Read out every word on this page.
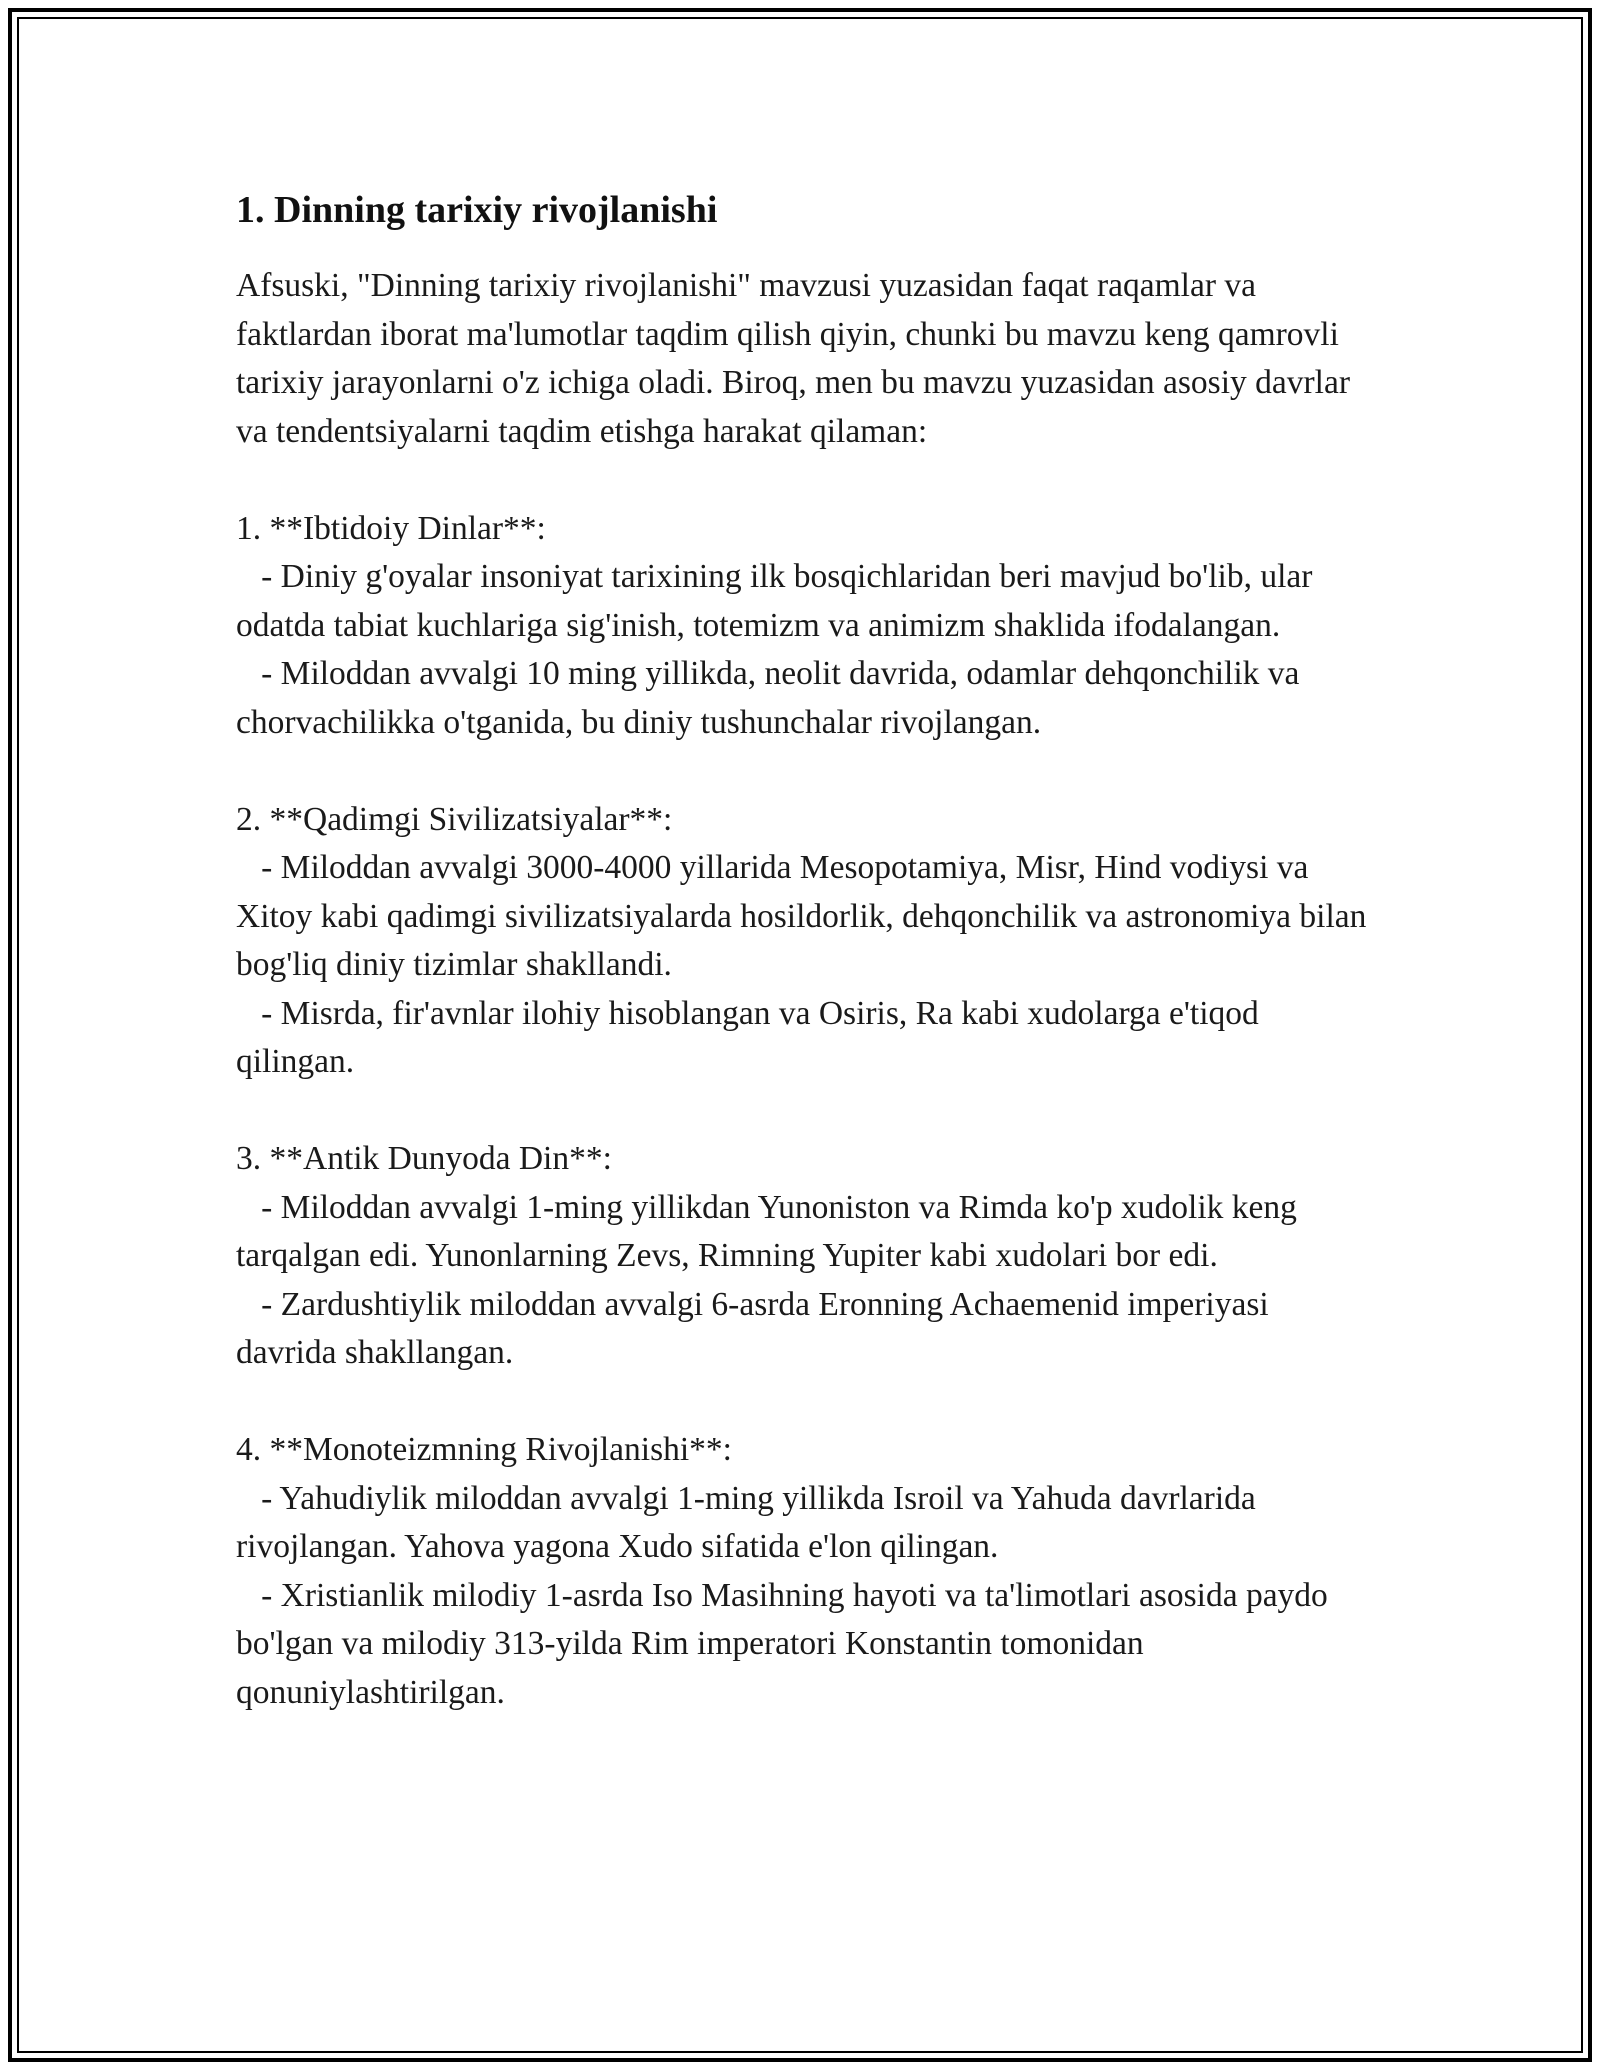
1. Dinning tarixiy rivojlanishi

Afsuski, "Dinning tarixiy rivojlanishi" mavzusi yuzasidan faqat raqamlar va faktlardan iborat ma'lumotlar taqdim qilish qiyin, chunki bu mavzu keng qamrovli tarixiy jarayonlarni o'z ichiga oladi. Biroq, men bu mavzu yuzasidan asosiy davrlar va tendentsiyalarni taqdim etishga harakat qilaman:

1. **Ibtidoiy Dinlar**:
- Diniy g'oyalar insoniyat tarixining ilk bosqichlaridan beri mavjud bo'lib, ular odatda tabiat kuchlariga sig'inish, totemizm va animizm shaklida ifodalangan.
- Miloddan avvalgi 10 ming yillikda, neolit davrida, odamlar dehqonchilik va chorvachilikka o'tganida, bu diniy tushunchalar rivojlangan.

2. **Qadimgi Sivilizatsiyalar**:
- Miloddan avvalgi 3000-4000 yillarida Mesopotamiya, Misr, Hind vodiysi va Xitoy kabi qadimgi sivilizatsiyalarda hosildorlik, dehqonchilik va astronomiya bilan bog'liq diniy tizimlar shakllandi.
- Misrda, fir'avnlar ilohiy hisoblangan va Osiris, Ra kabi xudolarga e'tiqod qilingan.

3. **Antik Dunyoda Din**:
- Miloddan avvalgi 1-ming yillikdan Yunoniston va Rimda ko'p xudolik keng tarqalgan edi. Yunonlarning Zevs, Rimning Yupiter kabi xudolari bor edi.
- Zardushtiylik miloddan avvalgi 6-asrda Eronning Achaemenid imperiyasi davrida shakllangan.

4. **Monoteizmning Rivojlanishi**:
- Yahudiylik miloddan avvalgi 1-ming yillikda Isroil va Yahuda davrlarida rivojlangan. Yahova yagona Xudo sifatida e'lon qilingan.
- Xristianlik milodiy 1-asrda Iso Masihning hayoti va ta'limotlari asosida paydo bo'lgan va milodiy 313-yilda Rim imperatori Konstantin tomonidan qonuniylashtirilgan.
